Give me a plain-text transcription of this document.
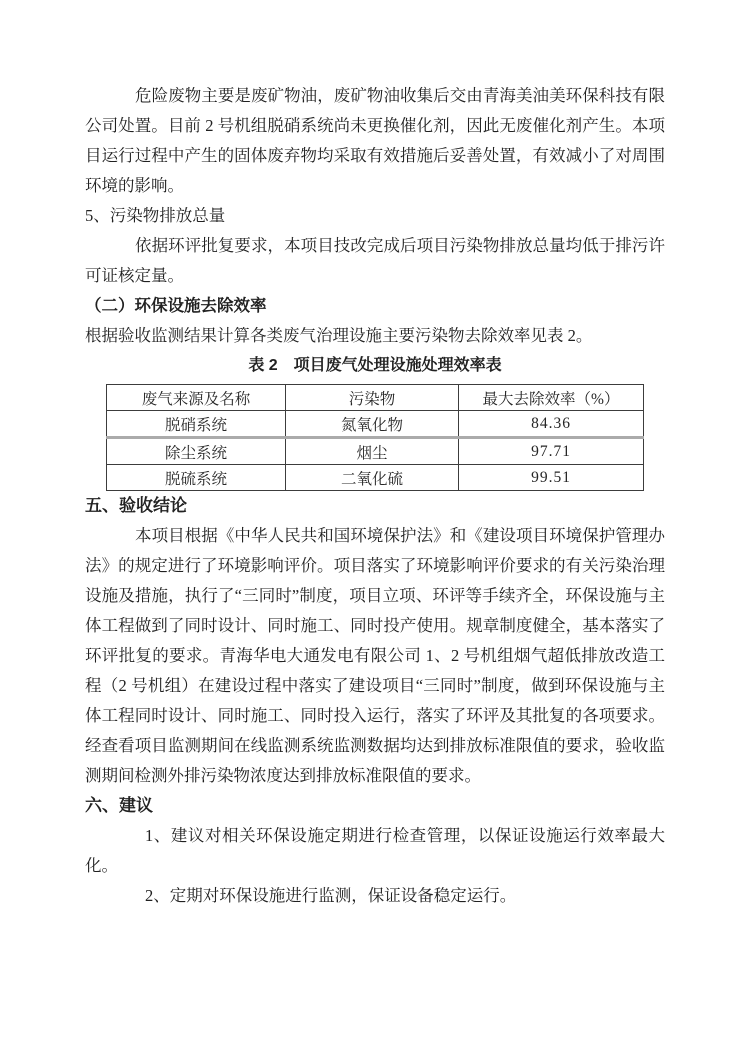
危险废物主要是废矿物油，废矿物油收集后交由青海美油美环保科技有限公司处置。目前 2 号机组脱硝系统尚未更换催化剂，因此无废催化剂产生。本项目运行过程中产生的固体废弃物均采取有效措施后妥善处置，有效减小了对周围环境的影响。

5、污染物排放总量

依据环评批复要求，本项目技改完成后项目污染物排放总量均低于排污许可证核定量。

（二）环保设施去除效率

根据验收监测结果计算各类废气治理设施主要污染物去除效率见表 2。

表 2　项目废气处理设施处理效率表

废气来源及名称	污染物	最大去除效率（%）
脱硝系统	氮氧化物	84.36
除尘系统	烟尘	97.71
脱硫系统	二氧化硫	99.51

五、验收结论

本项目根据《中华人民共和国环境保护法》和《建设项目环境保护管理办法》的规定进行了环境影响评价。项目落实了环境影响评价要求的有关污染治理设施及措施，执行了“三同时”制度，项目立项、环评等手续齐全，环保设施与主体工程做到了同时设计、同时施工、同时投产使用。规章制度健全，基本落实了环评批复的要求。青海华电大通发电有限公司 1、2 号机组烟气超低排放改造工程（2 号机组）在建设过程中落实了建设项目“三同时”制度，做到环保设施与主体工程同时设计、同时施工、同时投入运行，落实了环评及其批复的各项要求。经查看项目监测期间在线监测系统监测数据均达到排放标准限值的要求，验收监测期间检测外排污染物浓度达到排放标准限值的要求。

六、建议

1、建议对相关环保设施定期进行检查管理，以保证设施运行效率最大化。

2、定期对环保设施进行监测，保证设备稳定运行。
